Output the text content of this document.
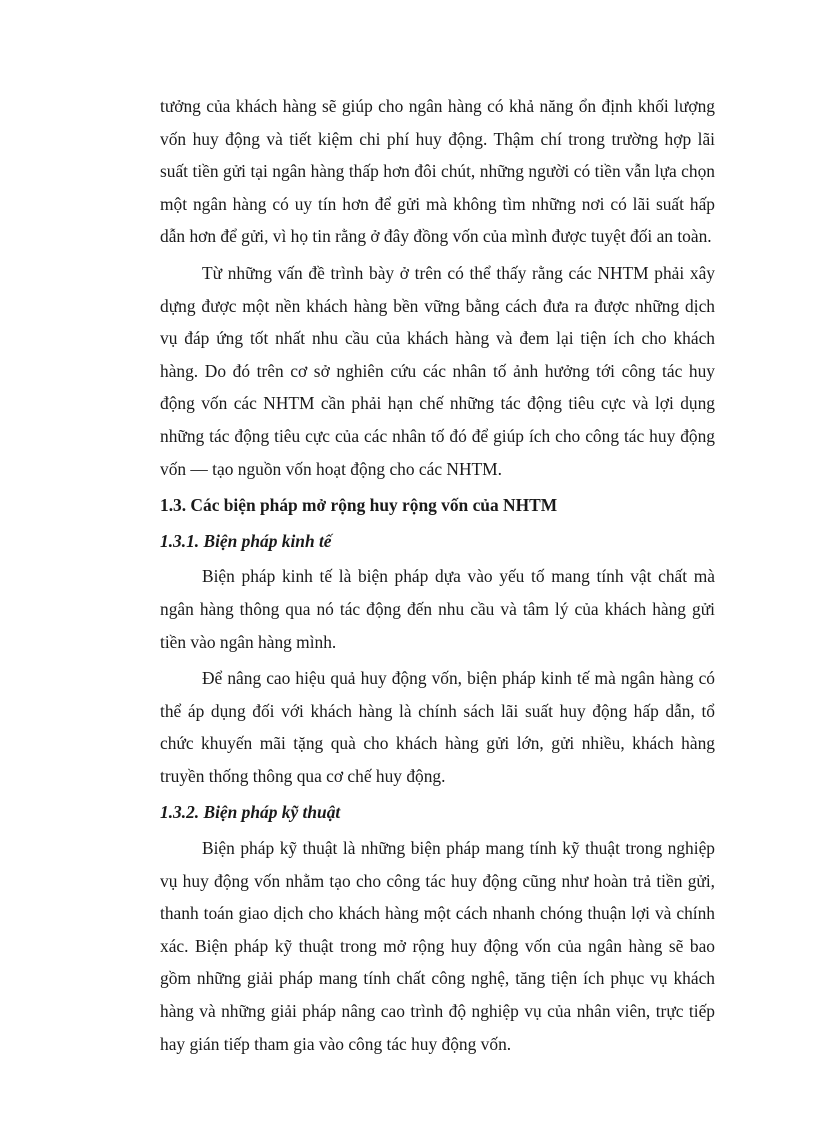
tưởng của khách hàng sẽ giúp cho ngân hàng có khả năng ổn định khối lượng vốn huy động và tiết kiệm chi phí huy động. Thậm chí trong trường hợp lãi suất tiền gửi tại ngân hàng thấp hơn đôi chút, những người có tiền vẫn lựa chọn một ngân hàng có uy tín hơn để gửi mà không tìm những nơi có lãi suất hấp dẫn hơn để gửi, vì họ tin rằng ở đây đồng vốn của mình được tuyệt đối an toàn.

Từ những vấn đề trình bày ở trên có thể thấy rằng các NHTM phải xây dựng được một nền khách hàng bền vững bằng cách đưa ra được những dịch vụ đáp ứng tốt nhất nhu cầu của khách hàng và đem lại tiện ích cho khách hàng. Do đó trên cơ sở nghiên cứu các nhân tố ảnh hưởng tới công tác huy động vốn các NHTM cần phải hạn chế những tác động tiêu cực và lợi dụng những tác động tiêu cực của các nhân tố đó để giúp ích cho công tác huy động vốn — tạo nguồn vốn hoạt động cho các NHTM.

1.3. Các biện pháp mở rộng huy rộng vốn của NHTM

1.3.1. Biện pháp kinh tế

Biện pháp kinh tế là biện pháp dựa vào yếu tố mang tính vật chất mà ngân hàng thông qua nó tác động đến nhu cầu và tâm lý của khách hàng gửi tiền vào ngân hàng mình.

Để nâng cao hiệu quả huy động vốn, biện pháp kinh tế mà ngân hàng có thể áp dụng đối với khách hàng là chính sách lãi suất huy động hấp dẫn, tổ chức khuyến mãi tặng quà cho khách hàng gửi lớn, gửi nhiều, khách hàng truyền thống thông qua cơ chế huy động.

1.3.2. Biện pháp kỹ thuật

Biện pháp kỹ thuật là những biện pháp mang tính kỹ thuật trong nghiệp vụ huy động vốn nhằm tạo cho công tác huy động cũng như hoàn trả tiền gửi, thanh toán giao dịch cho khách hàng một cách nhanh chóng thuận lợi và chính xác. Biện pháp kỹ thuật trong mở rộng huy động vốn của ngân hàng sẽ bao gồm những giải pháp mang tính chất công nghệ, tăng tiện ích phục vụ khách hàng và những giải pháp nâng cao trình độ nghiệp vụ của nhân viên, trực tiếp hay gián tiếp tham gia vào công tác huy động vốn.
